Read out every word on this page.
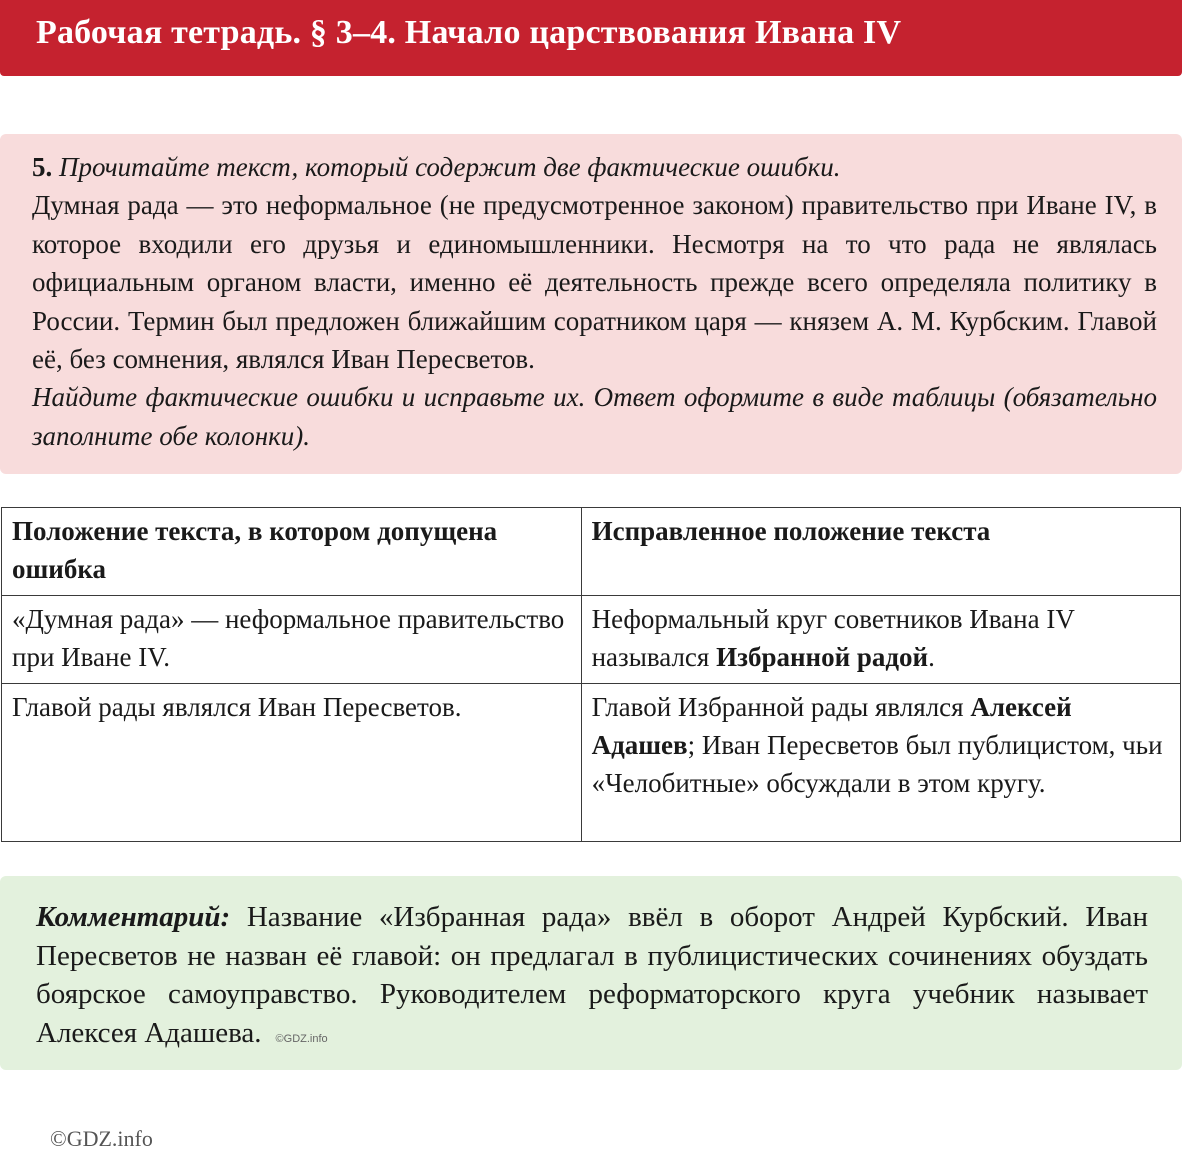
Рабочая тетрадь. § 3–4. Начало царствования Ивана IV

5. Прочитайте текст, который содержит две фактические ошибки.

Думная рада — это неформальное (не предусмотренное законом) правительство при Иване IV, в которое входили его друзья и единомышленники. Несмотря на то что рада не являлась официальным органом власти, именно её деятельность прежде всего определяла политику в России. Термин был предложен ближайшим соратником царя — князем А. М. Курбским. Главой её, без сомнения, являлся Иван Пересветов.

Найдите фактические ошибки и исправьте их. Ответ оформите в виде таблицы (обязательно заполните обе колонки).

Положение текста, в котором допущена ошибка	Исправленное положение текста
«Думная рада» — неформальное правительство при Иване IV.	Неформальный круг советников Ивана IV назывался Избранной радой.
Главой рады являлся Иван Пересветов.	Главой Избранной рады являлся Алексей Адашев; Иван Пересветов был публицистом, чьи «Челобитные» обсуждали в этом кругу.
Комментарий: Название «Избранная рада» ввёл в оборот Андрей Курбский. Иван Пересветов не назван её главой: он предлагал в публицистических сочинениях обуздать боярское самоуправство. Руководителем реформаторского круга учебник называет Алексея Адашева. ©GDZ.info
©GDZ.info
